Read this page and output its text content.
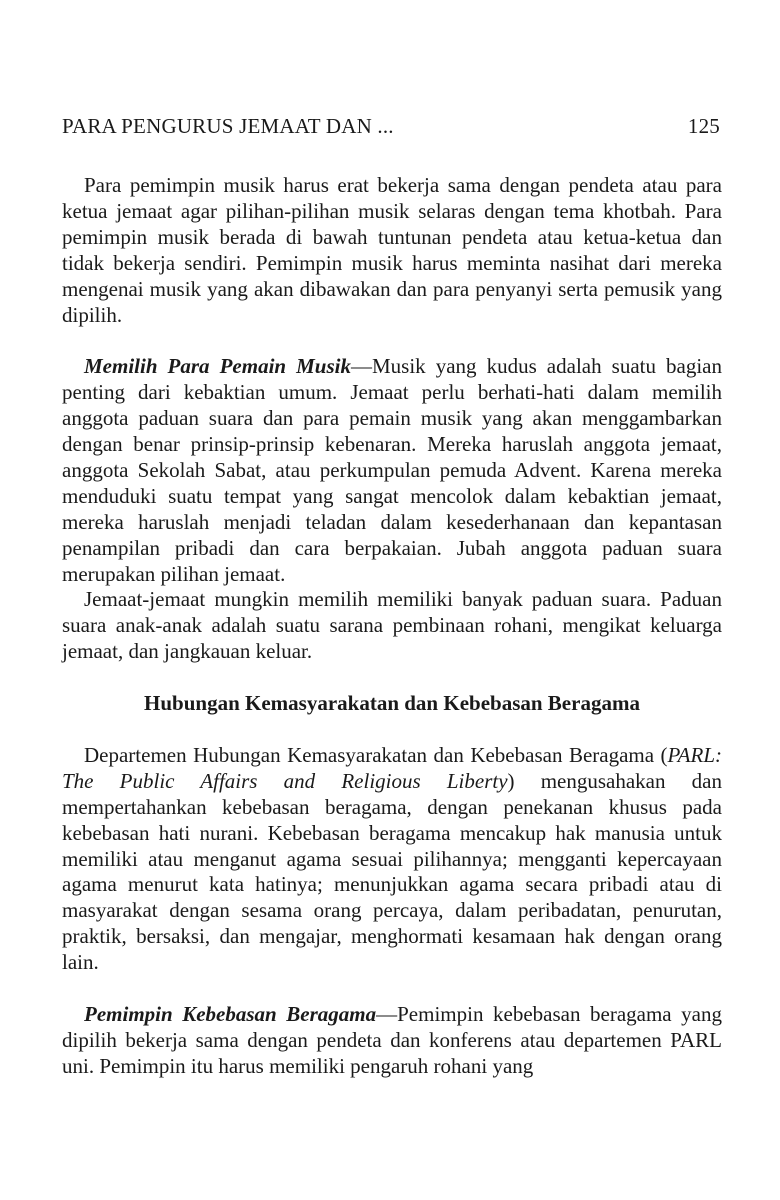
PARA PENGURUS JEMAAT DAN ...	125

Para pemimpin musik harus erat bekerja sama dengan pendeta atau para ketua jemaat agar pilihan-pilihan musik selaras dengan tema khotbah. Para pemimpin musik berada di bawah tuntunan pendeta atau ketua-ketua dan tidak bekerja sendiri. Pemimpin musik harus meminta nasihat dari mereka mengenai musik yang akan dibawakan dan para penyanyi serta pemusik yang dipilih.

Memilih Para Pemain Musik—Musik yang kudus adalah suatu bagian penting dari kebaktian umum. Jemaat perlu berhati-hati dalam memilih anggota paduan suara dan para pemain musik yang akan menggambarkan dengan benar prinsip-prinsip kebenaran. Mereka haruslah anggota jemaat, anggota Sekolah Sabat, atau perkumpulan pemuda Advent. Karena mereka menduduki suatu tempat yang sangat mencolok dalam kebaktian jemaat, mereka haruslah menjadi teladan dalam kesederhanaan dan kepantasan penampilan pribadi dan cara berpakaian. Jubah anggota paduan suara merupakan pilihan jemaat.

Jemaat-jemaat mungkin memilih memiliki banyak paduan suara. Paduan suara anak-anak adalah suatu sarana pembinaan rohani, mengikat keluarga jemaat, dan jangkauan keluar.

Hubungan Kemasyarakatan dan Kebebasan Beragama

Departemen Hubungan Kemasyarakatan dan Kebebasan Beragama (PARL: The Public Affairs and Religious Liberty) mengusahakan dan mempertahankan kebebasan beragama, dengan penekanan khusus pada kebebasan hati nurani. Kebebasan beragama mencakup hak manusia untuk memiliki atau menganut agama sesuai pilihannya; mengganti kepercayaan agama menurut kata hatinya; menunjukkan agama secara pribadi atau di masyarakat dengan sesama orang percaya, dalam peribadatan, penurutan, praktik, bersaksi, dan mengajar, menghormati kesamaan hak dengan orang lain.

Pemimpin Kebebasan Beragama—Pemimpin kebebasan beragama yang dipilih bekerja sama dengan pendeta dan konferens atau departemen PARL uni. Pemimpin itu harus memiliki pengaruh rohani yang
